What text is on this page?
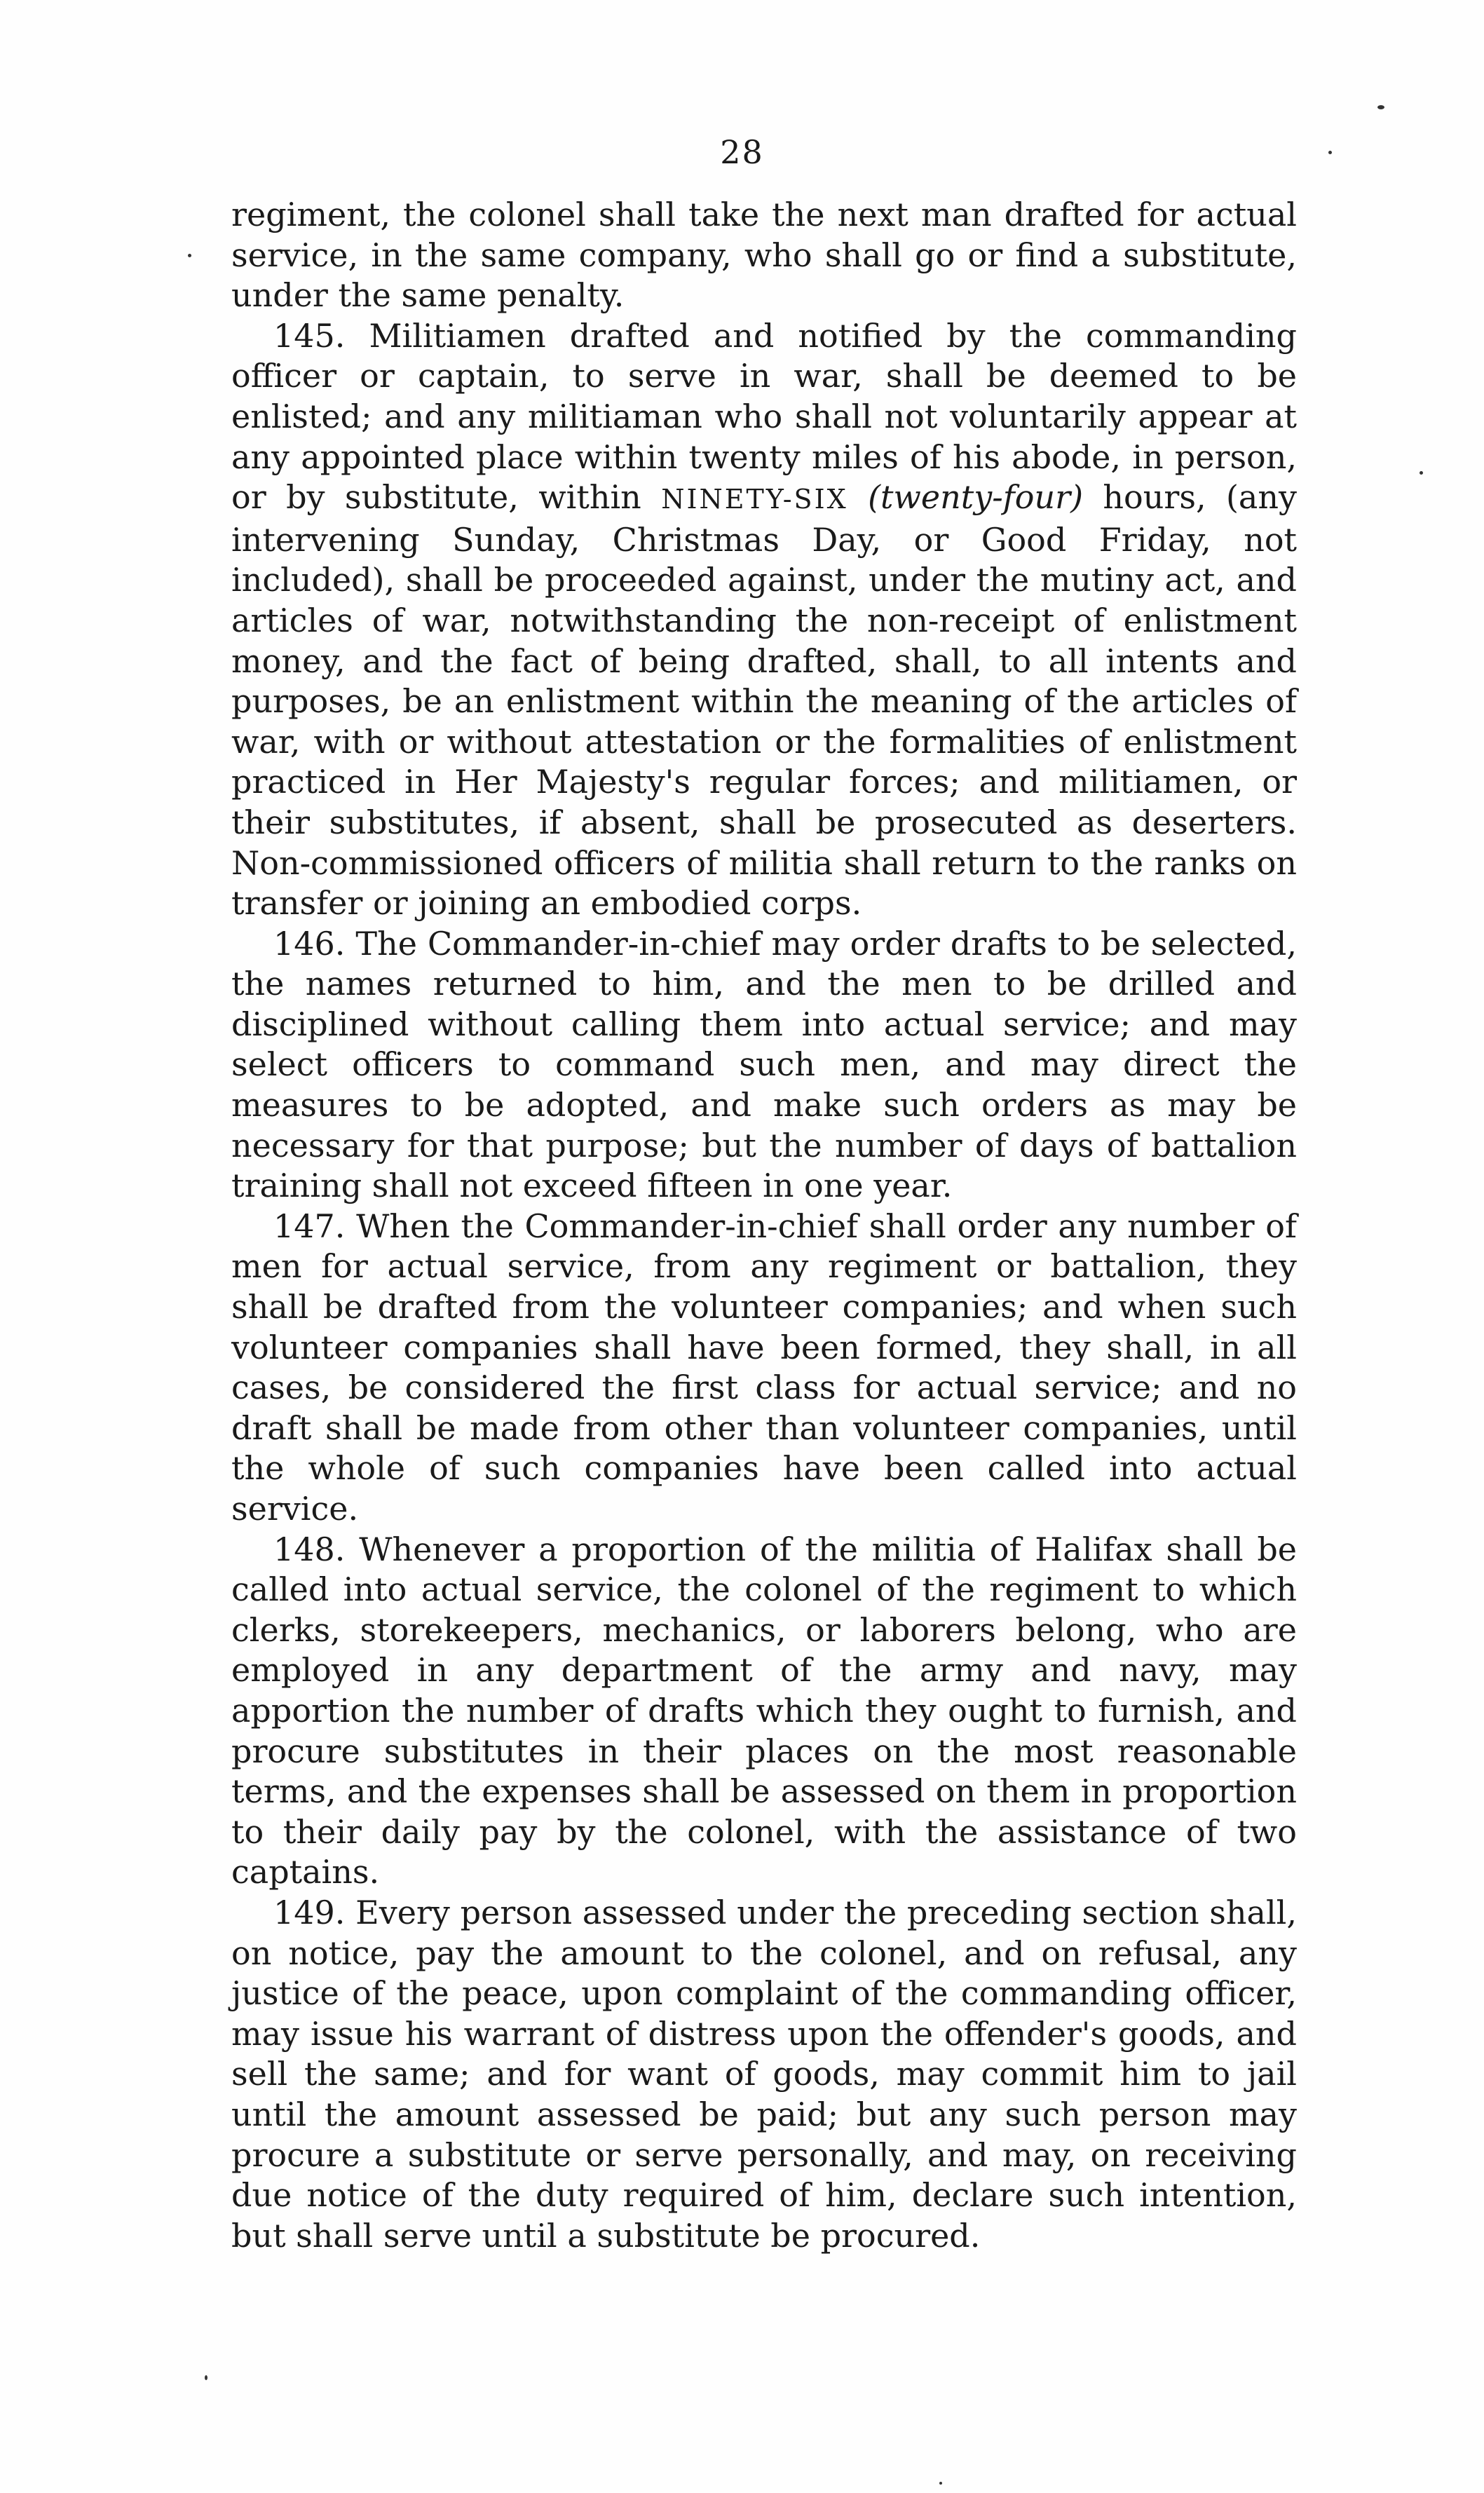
28

regiment, the colonel shall take the next man drafted for actual service, in the same company, who shall go or find a substitute, under the same penalty.

145. Militiamen drafted and notified by the commanding officer or captain, to serve in war, shall be deemed to be enlisted; and any militiaman who shall not voluntarily appear at any appointed place within twenty miles of his abode, in person, or by substitute, within NINETY-SIX (twenty-four) hours, (any intervening Sunday, Christmas Day, or Good Friday, not included), shall be proceeded against, under the mutiny act, and articles of war, notwithstanding the non-receipt of enlistment money, and the fact of being drafted, shall, to all intents and purposes, be an enlistment within the meaning of the articles of war, with or without attestation or the formalities of enlistment practiced in Her Majesty's regular forces; and militiamen, or their substitutes, if absent, shall be prosecuted as deserters. Non-commissioned officers of militia shall return to the ranks on transfer or joining an embodied corps.

146. The Commander-in-chief may order drafts to be selected, the names returned to him, and the men to be drilled and disciplined without calling them into actual service; and may select officers to command such men, and may direct the measures to be adopted, and make such orders as may be necessary for that purpose; but the number of days of battalion training shall not exceed fifteen in one year.

147. When the Commander-in-chief shall order any number of men for actual service, from any regiment or battalion, they shall be drafted from the volunteer companies; and when such volunteer companies shall have been formed, they shall, in all cases, be considered the first class for actual service; and no draft shall be made from other than volunteer companies, until the whole of such companies have been called into actual service.

148. Whenever a proportion of the militia of Halifax shall be called into actual service, the colonel of the regiment to which clerks, storekeepers, mechanics, or laborers belong, who are employed in any department of the army and navy, may apportion the number of drafts which they ought to furnish, and procure substitutes in their places on the most reasonable terms, and the expenses shall be assessed on them in proportion to their daily pay by the colonel, with the assistance of two captains.

149. Every person assessed under the preceding section shall, on notice, pay the amount to the colonel, and on refusal, any justice of the peace, upon complaint of the commanding officer, may issue his warrant of distress upon the offender's goods, and sell the same; and for want of goods, may commit him to jail until the amount assessed be paid; but any such person may procure a substitute or serve personally, and may, on receiving due notice of the duty required of him, declare such intention, but shall serve until a substitute be procured.
